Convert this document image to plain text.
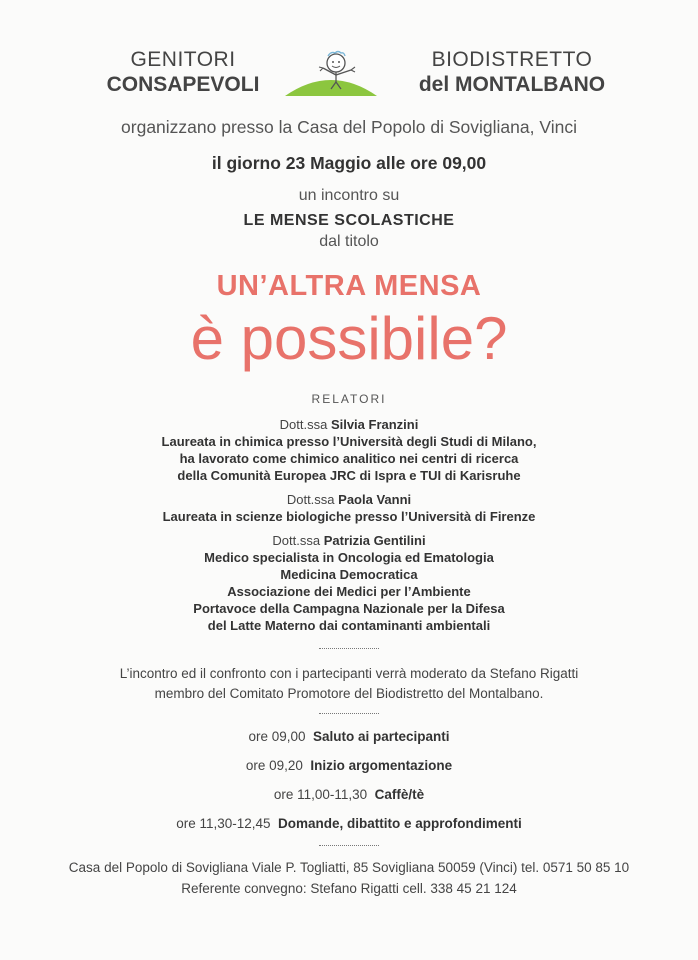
GENITORI
CONSAPEVOLI
BIODISTRETTO
del MONTALBANO
organizzano presso la Casa del Popolo di Sovigliana, Vinci
il giorno 23 Maggio alle ore 09,00
un incontro su
LE MENSE SCOLASTICHE
dal titolo
UN’ALTRA MENSA
è possibile?
RELATORI
Dott.ssa Silvia Franzini
Laureata in chimica presso l’Università degli Studi di Milano,
ha lavorato come chimico analitico nei centri di ricerca
della Comunità Europea JRC di Ispra e TUI di Karisruhe
Dott.ssa Paola Vanni
Laureata in scienze biologiche presso l’Università di Firenze
Dott.ssa Patrizia Gentilini
Medico specialista in Oncologia ed Ematologia
Medicina Democratica
Associazione dei Medici per l’Ambiente
Portavoce della Campagna Nazionale per la Difesa
del Latte Materno dai contaminanti ambientali
L’incontro ed il confronto con i partecipanti verrà moderato da Stefano Rigatti
membro del Comitato Promotore del Biodistretto del Montalbano.
ore 09,00 Saluto ai partecipanti
ore 09,20 Inizio argomentazione
ore 11,00-11,30 Caffè/tè
ore 11,30-12,45 Domande, dibattito e approfondimenti
Casa del Popolo di Sovigliana Viale P. Togliatti, 85 Sovigliana 50059 (Vinci) tel. 0571 50 85 10
Referente convegno: Stefano Rigatti cell. 338 45 21 124
